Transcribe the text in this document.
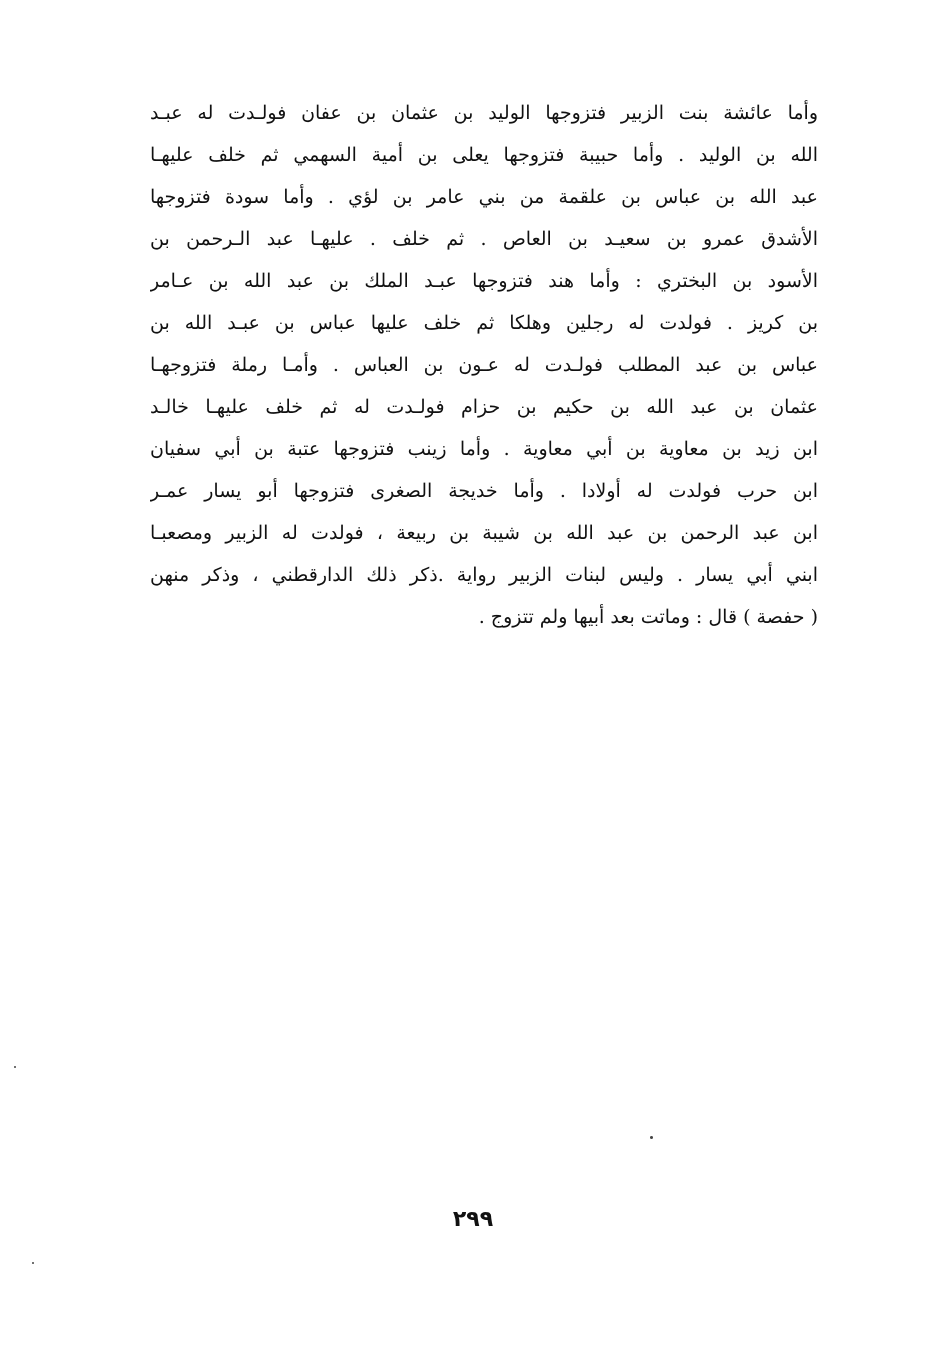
وأما عائشة بنت الزبير فتزوجها الوليد بن عثمان بن عفان فولـدت له عبـد
الله بن الوليد . وأما حبيبة فتزوجها يعلى بن أمية السهمي ثم خلف عليهـا
عبد الله بن عباس بن علقمة من بني عامر بن لؤي . وأما سودة فتزوجها
الأشدق عمرو بن سعيـد بن العاص . ثم خلف . عليهـا عبد الـرحمن بن
الأسود بن البختري : وأما هند فتزوجها عبـد الملك بن عبد الله بن عـامر
بن كريز . فولدت له رجلين وهلكا ثم خلف عليها عباس بن عبـد الله بن
عباس بن عبد المطلب فولـدت له عـون بن العباس . وأمـا رملة فتزوجهـا
عثمان بن عبد الله بن حكيم بن حزام فولـدت له ثم خلف عليهـا خالـد
ابن زيد بن معاوية بن أبي معاوية . وأما زينب فتزوجها عتبة بن أبي سفيان
ابن حرب فولدت له أولادا . وأما خديجة الصغرى فتزوجها أبو يسار عمـر
ابن عبد الرحمن بن عبد الله بن شيبة بن ربيعة ، فولدت له الزبير ومصعبـا
ابني أبي يسار . وليس لبنات الزبير رواية .ذكر ذلك الدارقطني ، وذكر منهن
( حفصة ) قال : وماتت بعد أبيها ولم تتزوج .
٢٩٩
